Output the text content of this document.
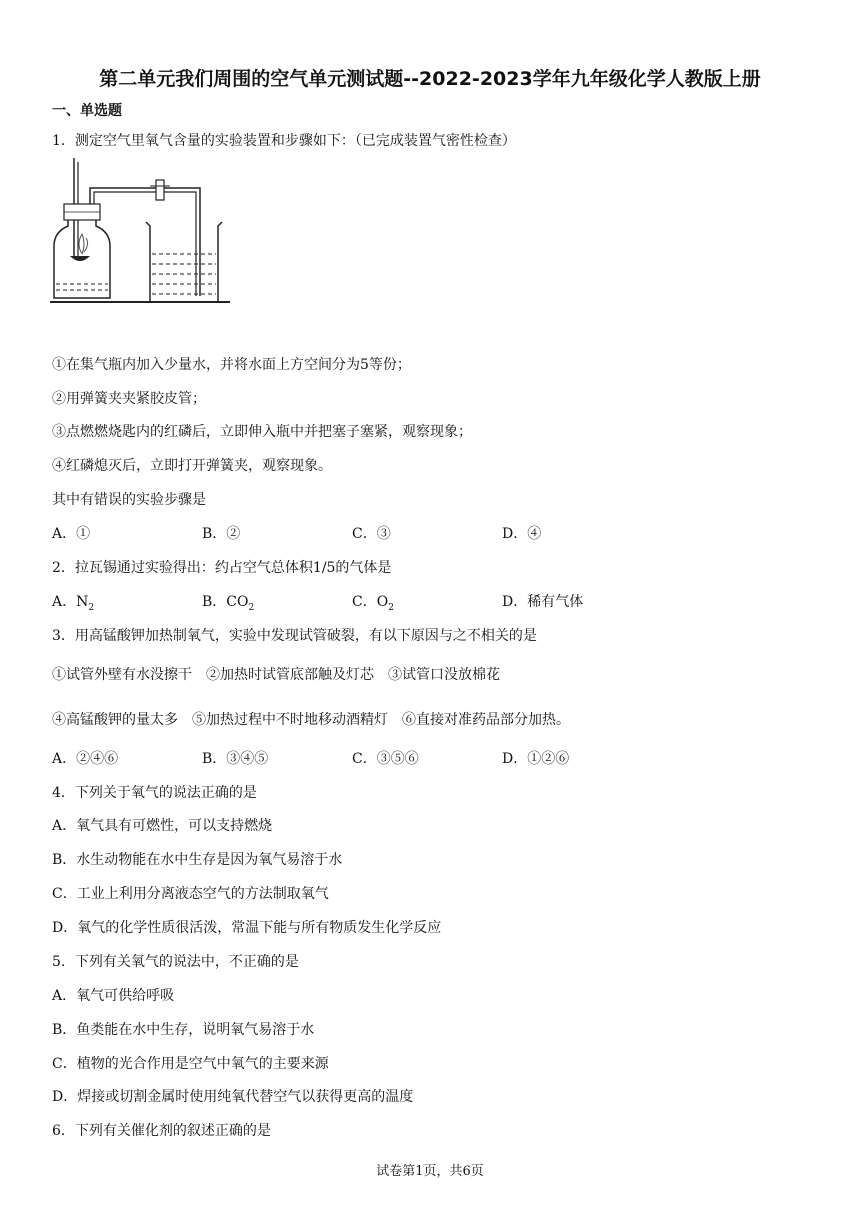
第二单元我们周围的空气单元测试题--2022-2023学年九年级化学人教版上册
一、单选题
1．测定空气里氧气含量的实验装置和步骤如下：（已完成装置气密性检查）
①在集气瓶内加入少量水，并将水面上方空间分为5等份；
②用弹簧夹夹紧胶皮管；
③点燃燃烧匙内的红磷后，立即伸入瓶中并把塞子塞紧，观察现象；
④红磷熄灭后，立即打开弹簧夹，观察现象。
其中有错误的实验步骤是
A．①	B．②	C．③	D．④
2．拉瓦锡通过实验得出：约占空气总体积1/5的气体是
A．$N_2$	B．$CO_2$	C．$O_2$	D．稀有气体
3．用高锰酸钾加热制氧气，实验中发现试管破裂，有以下原因与之不相关的是
①试管外壁有水没擦干　②加热时试管底部触及灯芯　③试管口没放棉花
④高锰酸钾的量太多　⑤加热过程中不时地移动酒精灯　⑥直接对准药品部分加热。
A．②④⑥	B．③④⑤	C．③⑤⑥	D．①②⑥
4．下列关于氧气的说法正确的是
A．氧气具有可燃性，可以支持燃烧
B．水生动物能在水中生存是因为氧气易溶于水
C．工业上利用分离液态空气的方法制取氧气
D．氧气的化学性质很活泼，常温下能与所有物质发生化学反应
5．下列有关氧气的说法中，不正确的是
A．氧气可供给呼吸
B．鱼类能在水中生存，说明氧气易溶于水
C．植物的光合作用是空气中氧气的主要来源
D．焊接或切割金属时使用纯氧代替空气以获得更高的温度
6．下列有关催化剂的叙述正确的是
试卷第1页，共6页
